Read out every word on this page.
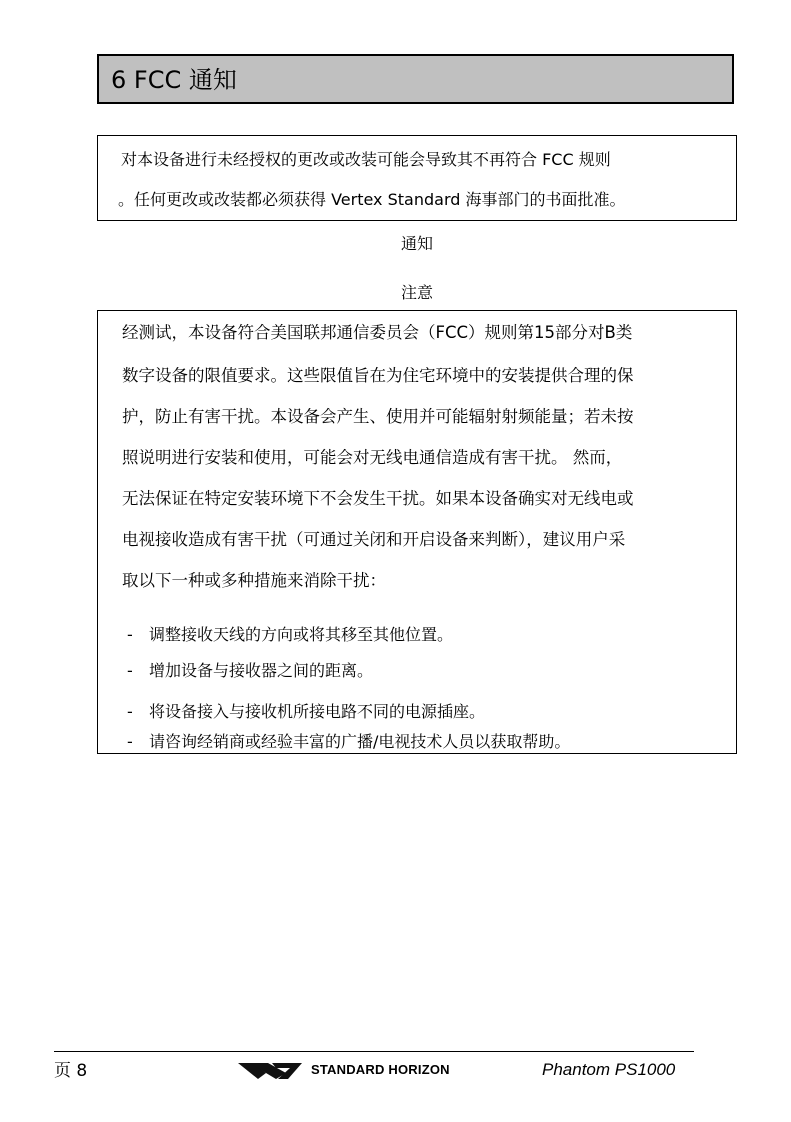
6 FCC 通知
对本设备进行未经授权的更改或改装可能会导致其不再符合 FCC 规则
。任何更改或改装都必须获得 Vertex Standard 海事部门的书面批准。
通知
注意
经测试，本设备符合美国联邦通信委员会（FCC）规则第15部分对B类
数字设备的限值要求。这些限值旨在为住宅环境中的安装提供合理的保
护，防止有害干扰。本设备会产生、使用并可能辐射射频能量；若未按
照说明进行安装和使用，可能会对无线电通信造成有害干扰。 然而，
无法保证在特定安装环境下不会发生干扰。如果本设备确实对无线电或
电视接收造成有害干扰（可通过关闭和开启设备来判断），建议用户采
取以下一种或多种措施来消除干扰：
- 调整接收天线的方向或将其移至其他位置。
- 增加设备与接收器之间的距离。
- 将设备接入与接收机所接电路不同的电源插座。
- 请咨询经销商或经验丰富的广播/电视技术人员以获取帮助。
页 8	STANDARD HORIZON	Phantom PS1000
